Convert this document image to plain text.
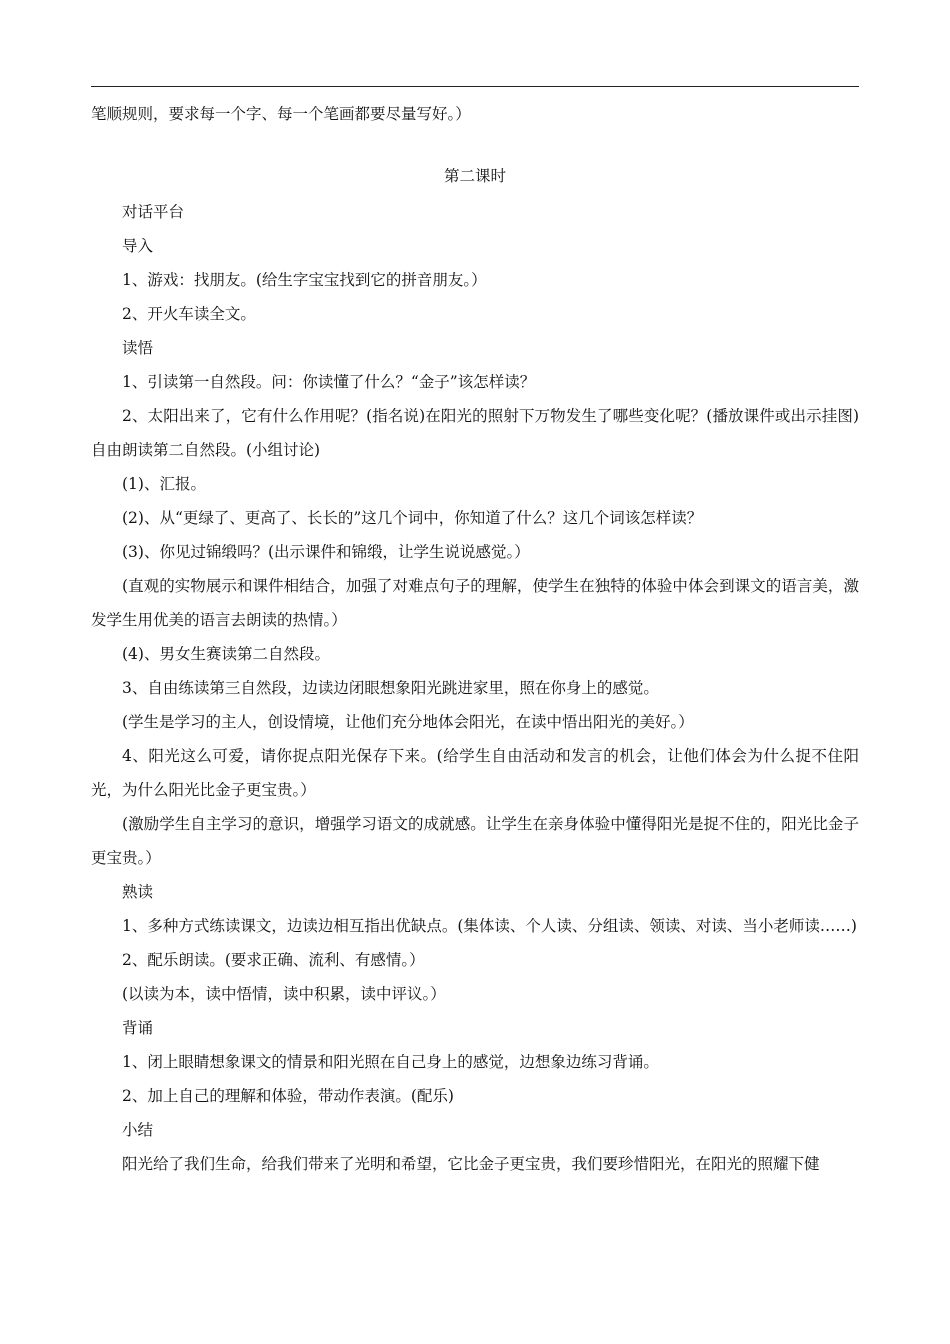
笔顺规则，要求每一个字、每一个笔画都要尽量写好。）

第二课时

对话平台

导入

1、游戏：找朋友。(给生字宝宝找到它的拼音朋友。）

2、开火车读全文。

读悟

1、引读第一自然段。问：你读懂了什么？“金子”该怎样读？

2、太阳出来了，它有什么作用呢？(指名说)在阳光的照射下万物发生了哪些变化呢？(播放课件或出示挂图)自由朗读第二自然段。(小组讨论)

(1)、汇报。

(2)、从“更绿了、更高了、长长的”这几个词中，你知道了什么？这几个词该怎样读？

(3)、你见过锦缎吗？(出示课件和锦缎，让学生说说感觉。）

(直观的实物展示和课件相结合，加强了对难点句子的理解，使学生在独特的体验中体会到课文的语言美，激发学生用优美的语言去朗读的热情。）

(4)、男女生赛读第二自然段。

3、自由练读第三自然段，边读边闭眼想象阳光跳进家里，照在你身上的感觉。

(学生是学习的主人，创设情境，让他们充分地体会阳光，在读中悟出阳光的美好。）

4、阳光这么可爱，请你捉点阳光保存下来。(给学生自由活动和发言的机会，让他们体会为什么捉不住阳光，为什么阳光比金子更宝贵。）

(激励学生自主学习的意识，增强学习语文的成就感。让学生在亲身体验中懂得阳光是捉不住的，阳光比金子更宝贵。）

熟读

1、多种方式练读课文，边读边相互指出优缺点。(集体读、个人读、分组读、领读、对读、当小老师读……)

2、配乐朗读。(要求正确、流利、有感情。）

(以读为本，读中悟情，读中积累，读中评议。）

背诵

1、闭上眼睛想象课文的情景和阳光照在自己身上的感觉，边想象边练习背诵。

2、加上自己的理解和体验，带动作表演。(配乐)

小结

阳光给了我们生命，给我们带来了光明和希望，它比金子更宝贵，我们要珍惜阳光，在阳光的照耀下健
